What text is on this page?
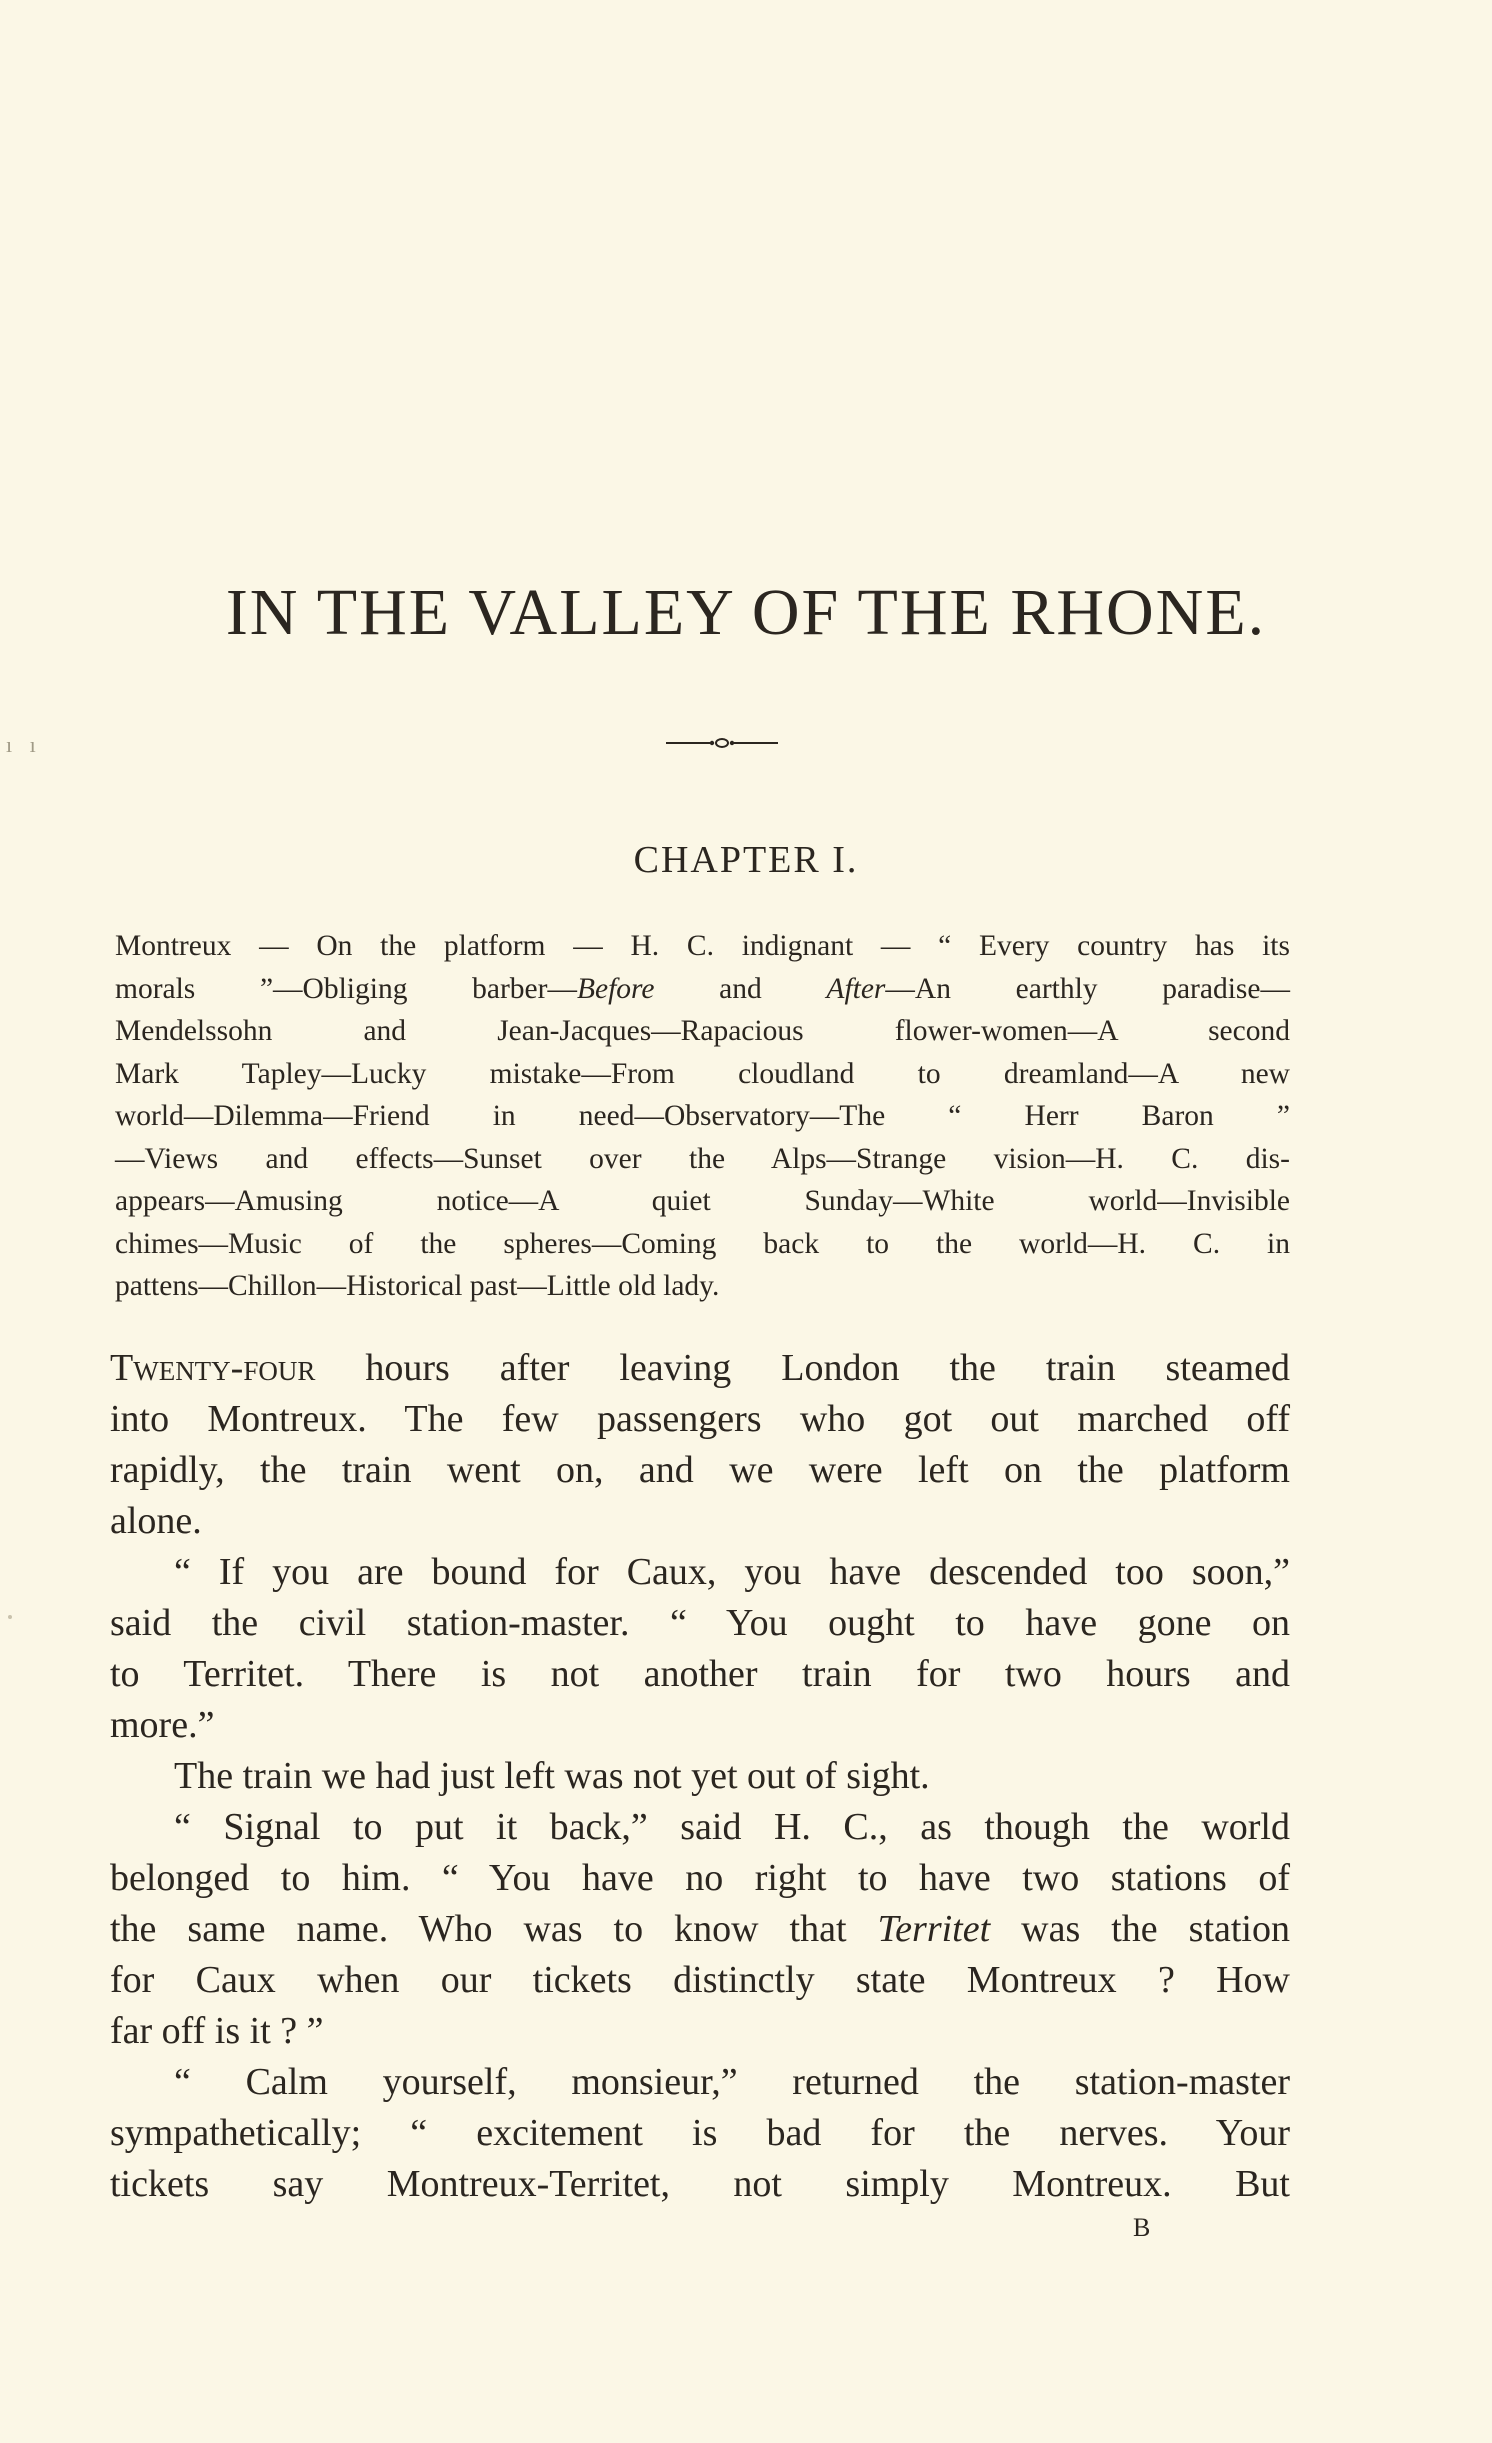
IN THE VALLEY OF THE RHONE.
ı ı
CHAPTER I.
Montreux — On the platform — H. C. indignant — “ Every country has its
morals ”—Obliging barber—Before and After—An earthly paradise—
Mendelssohn and Jean-Jacques—Rapacious flower-women—A second
Mark Tapley—Lucky mistake—From cloudland to dreamland—A new
world—Dilemma—Friend in need—Observatory—The “ Herr Baron ”
—Views and effects—Sunset over the Alps—Strange vision—H. C. dis-
appears—Amusing notice—A quiet Sunday—White world—Invisible
chimes—Music of the spheres—Coming back to the world—H. C. in
pattens—Chillon—Historical past—Little old lady.
Twenty-four hours after leaving London the train steamed
into Montreux. The few passengers who got out marched off
rapidly, the train went on, and we were left on the platform
alone.
“ If you are bound for Caux, you have descended too soon,”
said the civil station-master. “ You ought to have gone on
to Territet. There is not another train for two hours and
more.”
The train we had just left was not yet out of sight.
“ Signal to put it back,” said H. C., as though the world
belonged to him. “ You have no right to have two stations of
the same name. Who was to know that Territet was the station
for Caux when our tickets distinctly state Montreux ? How
far off is it ? ”
“ Calm yourself, monsieur,” returned the station-master
sympathetically; “ excitement is bad for the nerves. Your
tickets say Montreux-Territet, not simply Montreux. But
B
